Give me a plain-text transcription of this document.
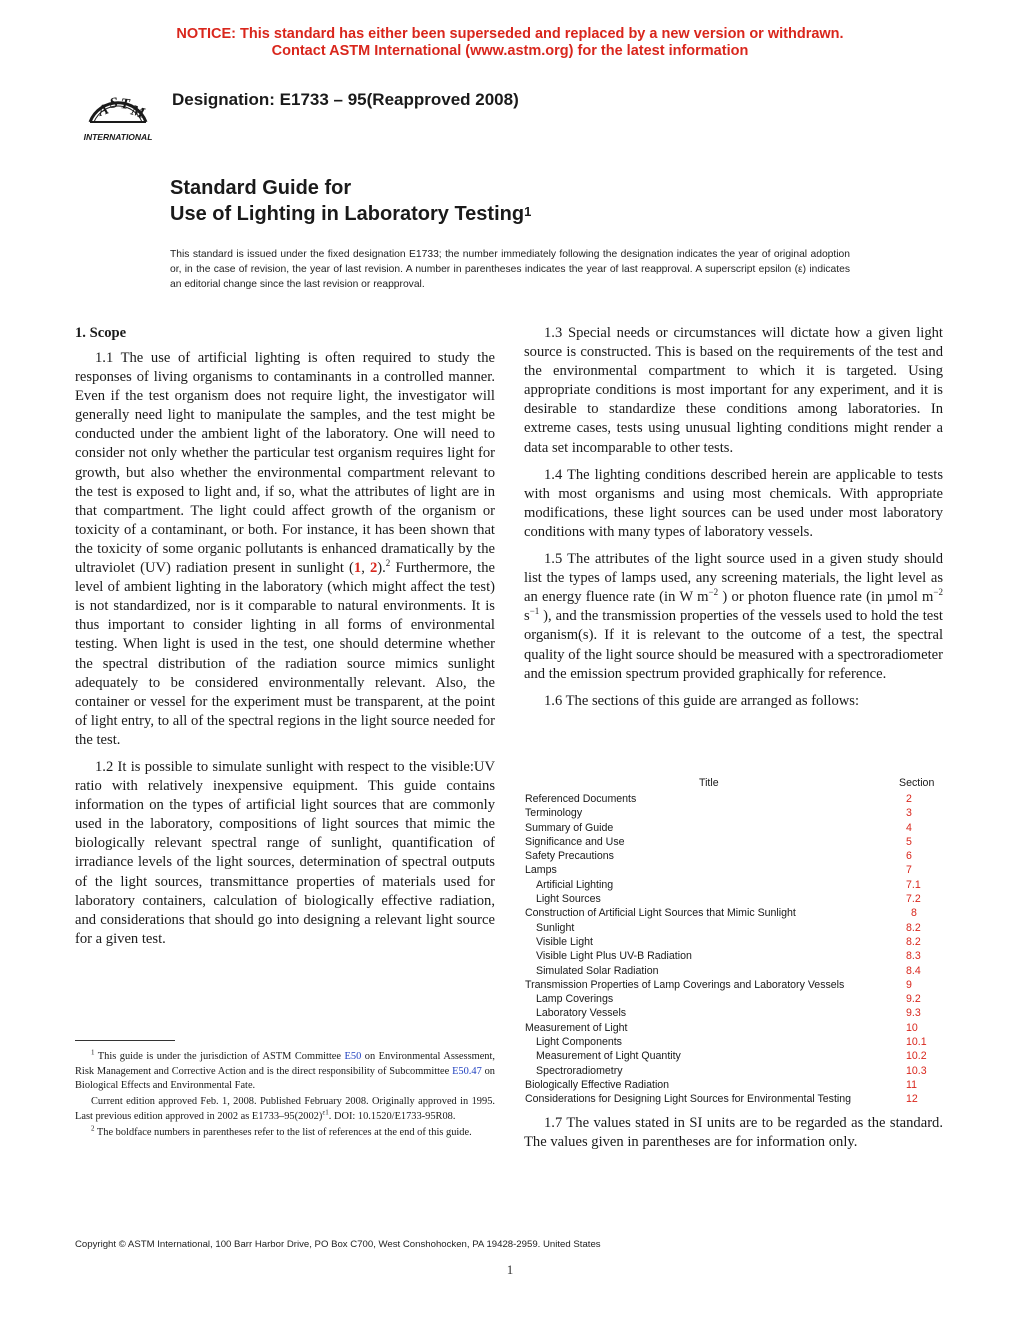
NOTICE: This standard has either been superseded and replaced by a new version or withdrawn.
Contact ASTM International (www.astm.org) for the latest information
A
S T
M
INTERNATIONAL
Designation: E1733 – 95(Reapproved 2008)
Standard Guide for
Use of Lighting in Laboratory Testing$^1$
This standard is issued under the fixed designation E1733; the number immediately following the designation indicates the year of original adoption or, in the case of revision, the year of last revision. A number in parentheses indicates the year of last reapproval. A superscript epsilon (ε) indicates an editorial change since the last revision or reapproval.
1. Scope

1.1 The use of artificial lighting is often required to study the responses of living organisms to contaminants in a controlled manner. Even if the test organism does not require light, the investigator will generally need light to manipulate the samples, and the test might be conducted under the ambient light of the laboratory. One will need to consider not only whether the particular test organism requires light for growth, but also whether the environmental compartment relevant to the test is exposed to light and, if so, what the attributes of light are in that compartment. The light could affect growth of the organism or toxicity of a contaminant, or both. For instance, it has been shown that the toxicity of some organic pollutants is enhanced dramatically by the ultraviolet (UV) radiation present in sunlight (1, 2).$^2$ Furthermore, the level of ambient lighting in the laboratory (which might affect the test) is not standardized, nor is it comparable to natural environments. It is thus important to consider lighting in all forms of environmental testing. When light is used in the test, one should determine whether the spectral distribution of the radiation source mimics sunlight adequately to be considered environmentally relevant. Also, the container or vessel for the experiment must be transparent, at the point of light entry, to all of the spectral regions in the light source needed for the test.

1.2 It is possible to simulate sunlight with respect to the visible:UV ratio with relatively inexpensive equipment. This guide contains information on the types of artificial light sources that are commonly used in the laboratory, compositions of light sources that mimic the biologically relevant spectral range of sunlight, quantification of irradiance levels of the light sources, determination of spectral outputs of the light sources, transmittance properties of materials used for laboratory containers, calculation of biologically effective radiation, and considerations that should go into designing a relevant light source for a given test.

$^1$ This guide is under the jurisdiction of ASTM Committee E50 on Environmental Assessment, Risk Management and Corrective Action and is the direct responsibility of Subcommittee E50.47 on Biological Effects and Environmental Fate.

Current edition approved Feb. 1, 2008. Published February 2008. Originally approved in 1995. Last previous edition approved in 2002 as $E1733-95(2002)^{\varepsilon 1}$. DOI: 10.1520/E1733-95R08.

$^2$ The boldface numbers in parentheses refer to the list of references at the end of this guide.

1.3 Special needs or circumstances will dictate how a given light source is constructed. This is based on the requirements of the test and the environmental compartment to which it is targeted. Using appropriate conditions is most important for any experiment, and it is desirable to standardize these conditions among laboratories. In extreme cases, tests using unusual lighting conditions might render a data set incomparable to other tests.

1.4 The lighting conditions described herein are applicable to tests with most organisms and using most chemicals. With appropriate modifications, these light sources can be used under most laboratory conditions with many types of laboratory vessels.

1.5 The attributes of the light source used in a given study should list the types of lamps used, any screening materials, the light level as an energy fluence rate (in W $m^{-2}$ ) or photon fluence rate (in µmol $m^{-2}$ $s^{-1}$ ), and the transmission properties of the vessels used to hold the test organism(s). If it is relevant to the outcome of a test, the spectral quality of the light source should be measured with a spectroradiometer and the emission spectrum provided graphically for reference.

1.6 The sections of this guide are arranged as follows:

Title	Section
Referenced Documents	2
Terminology	3
Summary of Guide	4
Significance and Use	5
Safety Precautions	6
Lamps	7
Artificial Lighting	7.1
Light Sources	7.2
Construction of Artificial Light Sources that Mimic Sunlight	8
Sunlight	8.2
Visible Light	8.2
Visible Light Plus UV-B Radiation	8.3
Simulated Solar Radiation	8.4
Transmission Properties of Lamp Coverings and Laboratory Vessels	9
Lamp Coverings	9.2
Laboratory Vessels	9.3
Measurement of Light	10
Light Components	10.1
Measurement of Light Quantity	10.2
Spectroradiometry	10.3
Biologically Effective Radiation	11
Considerations for Designing Light Sources for Environmental Testing	12
1.7 The values stated in SI units are to be regarded as the standard. The values given in parentheses are for information only.
Copyright © ASTM International, 100 Barr Harbor Drive, PO Box C700, West Conshohocken, PA 19428-2959. United States
1
